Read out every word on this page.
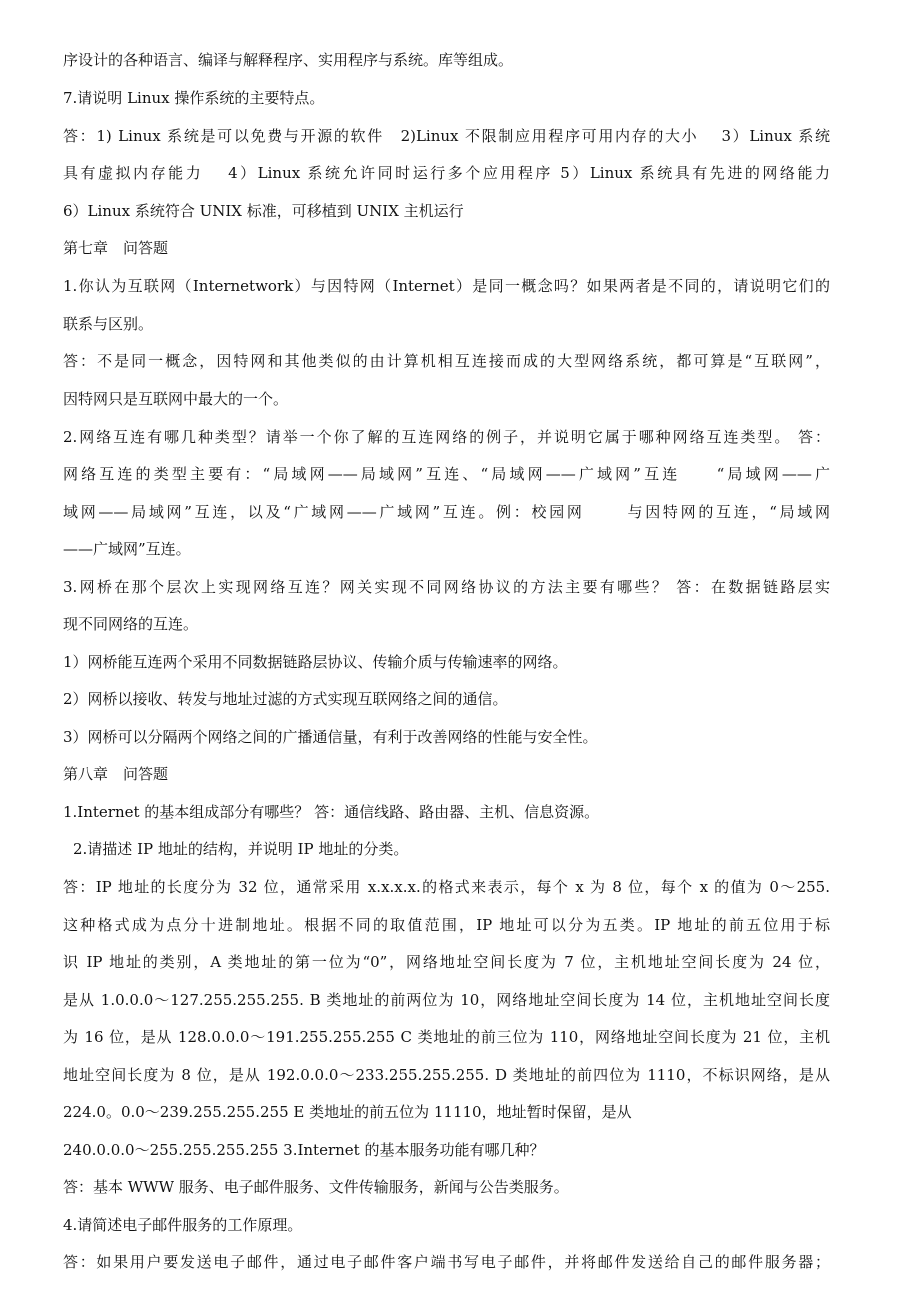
序设计的各种语言、编译与解释程序、实用程序与系统。库等组成。
7.请说明 Linux 操作系统的主要特点。
答：1) Linux 系统是可以免费与开源的软件　2)Linux 不限制应用程序可用内存的大小　 3）Linux 系统
具有虚拟内存能力　 4）Linux 系统允许同时运行多个应用程序 5）Linux 系统具有先进的网络能力
6）Linux 系统符合 UNIX 标准，可移植到 UNIX 主机运行
第七章　问答题
1.你认为互联网（Internetwork）与因特网（Internet）是同一概念吗？如果两者是不同的，请说明它们的
联系与区别。
答：不是同一概念，因特网和其他类似的由计算机相互连接而成的大型网络系统，都可算是“互联网”，
因特网只是互联网中最大的一个。
2.网络互连有哪几种类型？请举一个你了解的互连网络的例子，并说明它属于哪种网络互连类型。 答：
网络互连的类型主要有：“局域网——局域网”互连、“局域网——广域网”互连　　“局域网——广
域网——局域网”互连，以及“广域网——广域网”互连。例：校园网　　 与因特网的互连，“局域网
——广域网”互连。
3.网桥在那个层次上实现网络互连？网关实现不同网络协议的方法主要有哪些？ 答：在数据链路层实
现不同网络的互连。
1）网桥能互连两个采用不同数据链路层协议、传输介质与传输速率的网络。
2）网桥以接收、转发与地址过滤的方式实现互联网络之间的通信。
3）网桥可以分隔两个网络之间的广播通信量，有利于改善网络的性能与安全性。
第八章　问答题
1.Internet 的基本组成部分有哪些？ 答：通信线路、路由器、主机、信息资源。
2.请描述 IP 地址的结构，并说明 IP 地址的分类。
答：IP 地址的长度分为 32 位，通常采用 x.x.x.x.的格式来表示，每个 x 为 8 位，每个 x 的值为 0～255.
这种格式成为点分十进制地址。根据不同的取值范围，IP 地址可以分为五类。IP 地址的前五位用于标
识 IP 地址的类别，A 类地址的第一位为“0”，网络地址空间长度为 7 位，主机地址空间长度为 24 位，
是从 1.0.0.0～127.255.255.255. B 类地址的前两位为 10，网络地址空间长度为 14 位，主机地址空间长度
为 16 位，是从 128.0.0.0～191.255.255.255 C 类地址的前三位为 110，网络地址空间长度为 21 位，主机
地址空间长度为 8 位，是从 192.0.0.0～233.255.255.255. D 类地址的前四位为 1110，不标识网络，是从
224.0。0.0～239.255.255.255 E 类地址的前五位为 11110，地址暂时保留，是从
240.0.0.0～255.255.255.255 3.Internet 的基本服务功能有哪几种？
答：基本 WWW 服务、电子邮件服务、文件传输服务，新闻与公告类服务。
4.请简述电子邮件服务的工作原理。
答：如果用户要发送电子邮件，通过电子邮件客户端书写电子邮件，并将邮件发送给自己的邮件服务器；
